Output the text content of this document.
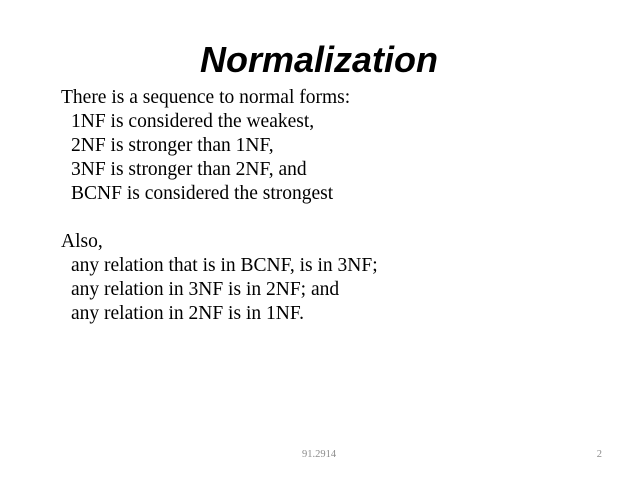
Normalization
There is a sequence to normal forms:
1NF is considered the weakest,
2NF is stronger than 1NF,
3NF is stronger than 2NF, and
BCNF is considered the strongest
Also,
any relation that is in BCNF, is in 3NF;
any relation in 3NF is in 2NF; and
any relation in 2NF is in 1NF.
91.2914	2
